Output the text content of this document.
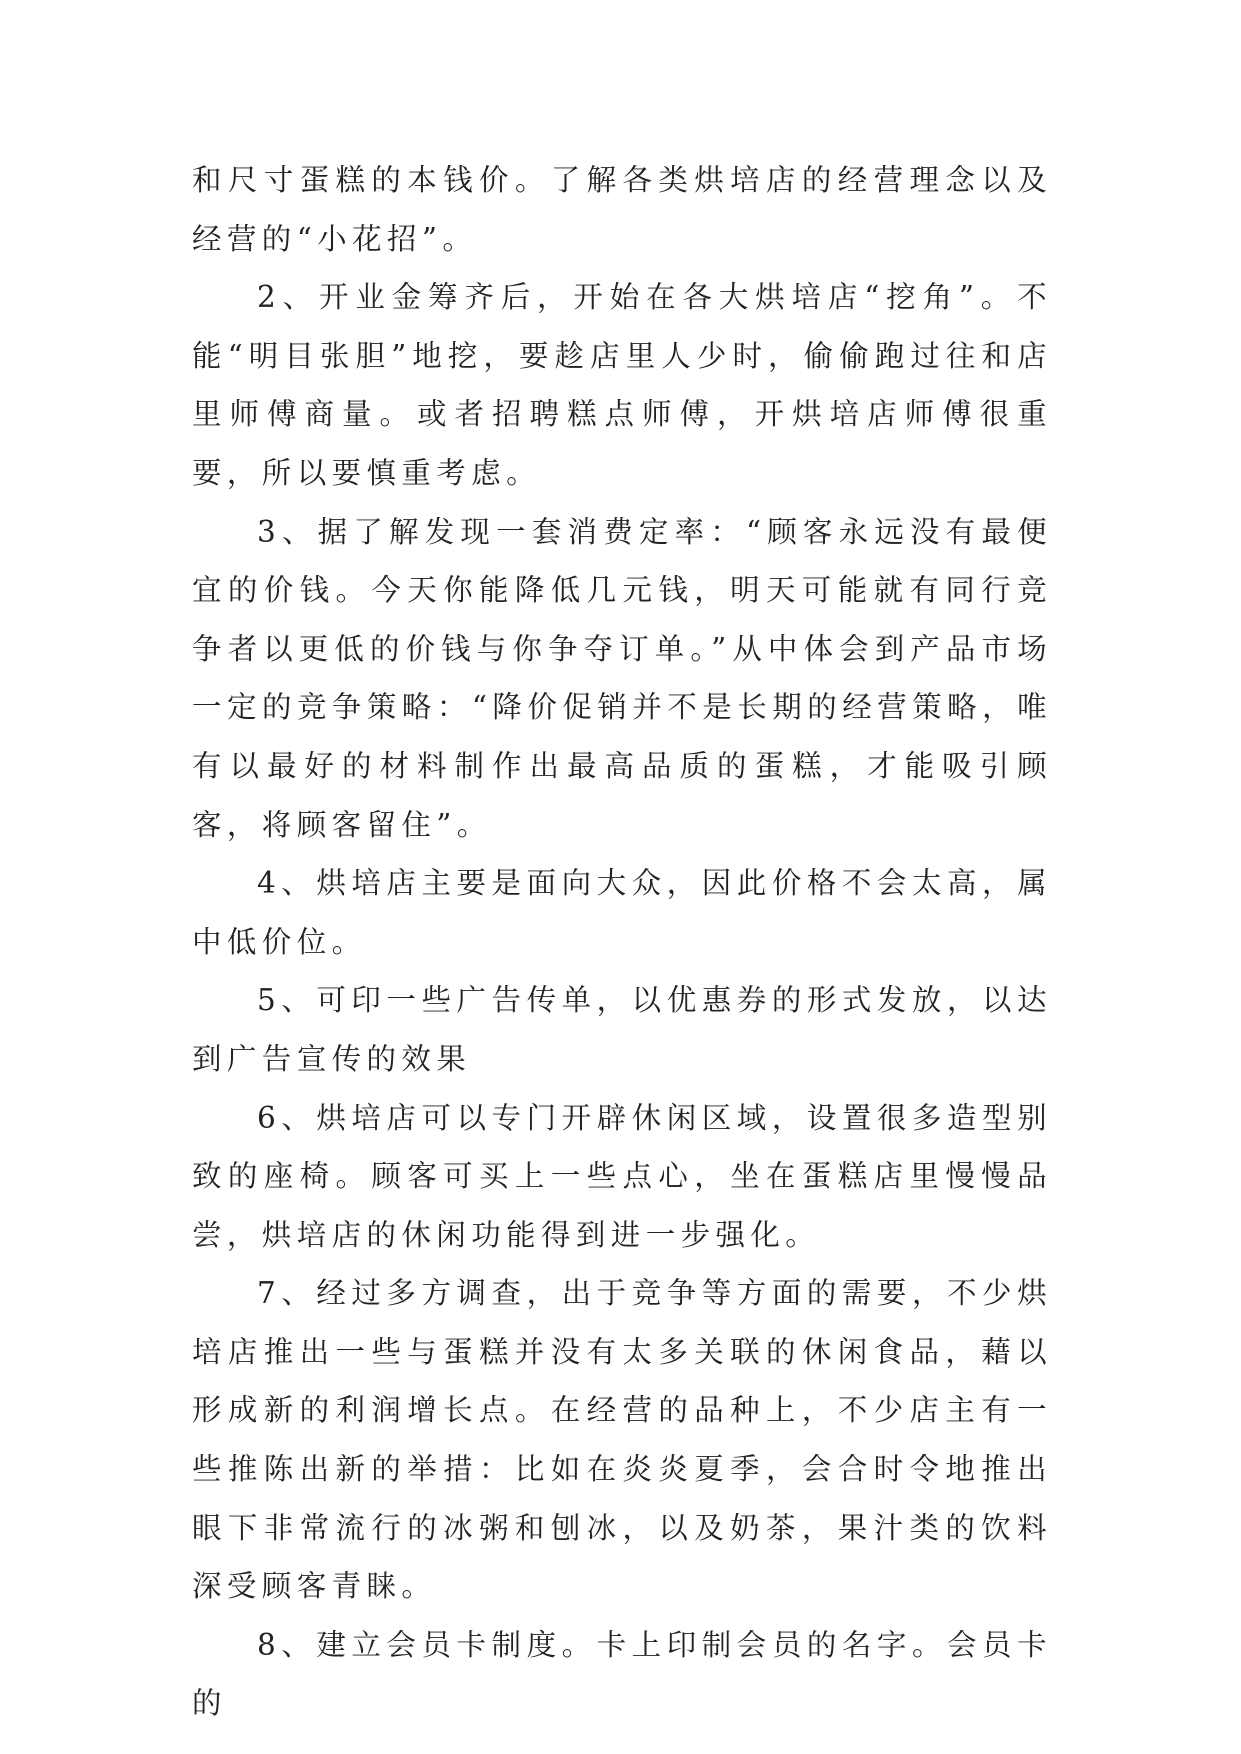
和尺寸蛋糕的本钱价。了解各类烘培店的经营理念以及经营的“小花招”。

2、开业金筹齐后，开始在各大烘培店“挖角”。不能“明目张胆”地挖，要趁店里人少时，偷偷跑过往和店里师傅商量。或者招聘糕点师傅，开烘培店师傅很重要，所以要慎重考虑。

3、据了解发现一套消费定率：“顾客永远没有最便宜的价钱。今天你能降低几元钱，明天可能就有同行竞争者以更低的价钱与你争夺订单。”从中体会到产品市场一定的竞争策略：“降价促销并不是长期的经营策略，唯有以最好的材料制作出最高品质的蛋糕，才能吸引顾客，将顾客留住”。

4、烘培店主要是面向大众，因此价格不会太高，属中低价位。

5、可印一些广告传单，以优惠券的形式发放，以达到广告宣传的效果

6、烘培店可以专门开辟休闲区域，设置很多造型别致的座椅。顾客可买上一些点心，坐在蛋糕店里慢慢品尝，烘培店的休闲功能得到进一步强化。

7、经过多方调查，出于竞争等方面的需要，不少烘培店推出一些与蛋糕并没有太多关联的休闲食品，藉以形成新的利润增长点。在经营的品种上，不少店主有一些推陈出新的举措：比如在炎炎夏季，会合时令地推出眼下非常流行的冰粥和刨冰，以及奶茶，果汁类的饮料深受顾客青睐。

8、建立会员卡制度。卡上印制会员的名字。会员卡的
